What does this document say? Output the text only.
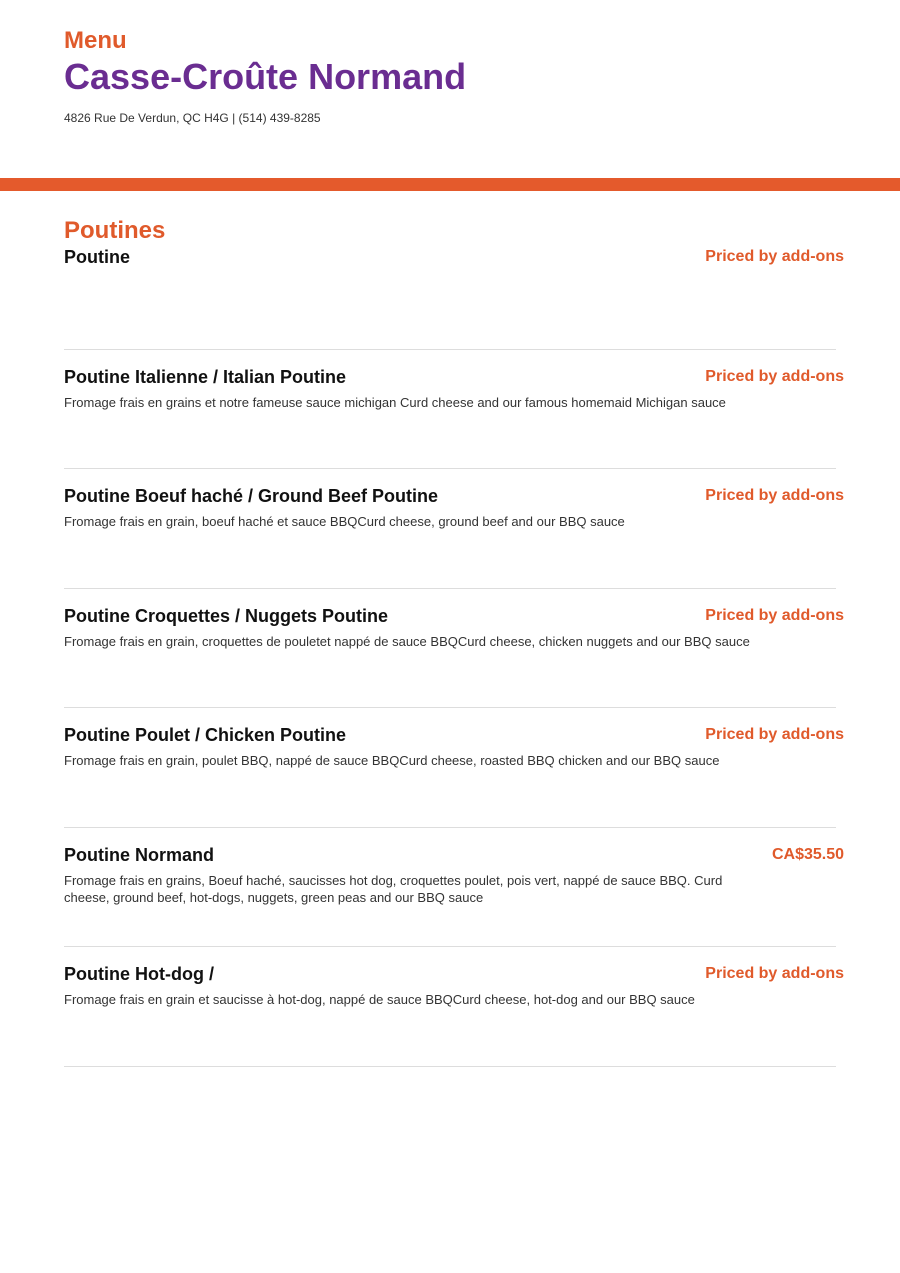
Menu
Casse-Croûte Normand
4826 Rue De Verdun, QC H4G | (514) 439-8285
Poutines
Poutine	Priced by add-ons
Poutine Italienne / Italian Poutine	Priced by add-ons
Fromage frais en grains et notre fameuse sauce michigan Curd cheese and our famous homemaid Michigan sauce
Poutine Boeuf haché / Ground Beef Poutine	Priced by add-ons
Fromage frais en grain, boeuf haché et sauce BBQCurd cheese, ground beef and our BBQ sauce
Poutine Croquettes / Nuggets Poutine	Priced by add-ons
Fromage frais en grain, croquettes de pouletet nappé de sauce BBQCurd cheese, chicken nuggets and our BBQ sauce
Poutine Poulet / Chicken Poutine	Priced by add-ons
Fromage frais en grain, poulet BBQ, nappé de sauce BBQCurd cheese, roasted BBQ chicken and our BBQ sauce
Poutine Normand	CA$35.50
Fromage frais en grains, Boeuf haché, saucisses hot dog, croquettes poulet, pois vert, nappé de sauce BBQ. Curd cheese, ground beef, hot-dogs, nuggets, green peas and our BBQ sauce
Poutine Hot-dog /	Priced by add-ons
Fromage frais en grain et saucisse à hot-dog, nappé de sauce BBQCurd cheese, hot-dog and our BBQ sauce
